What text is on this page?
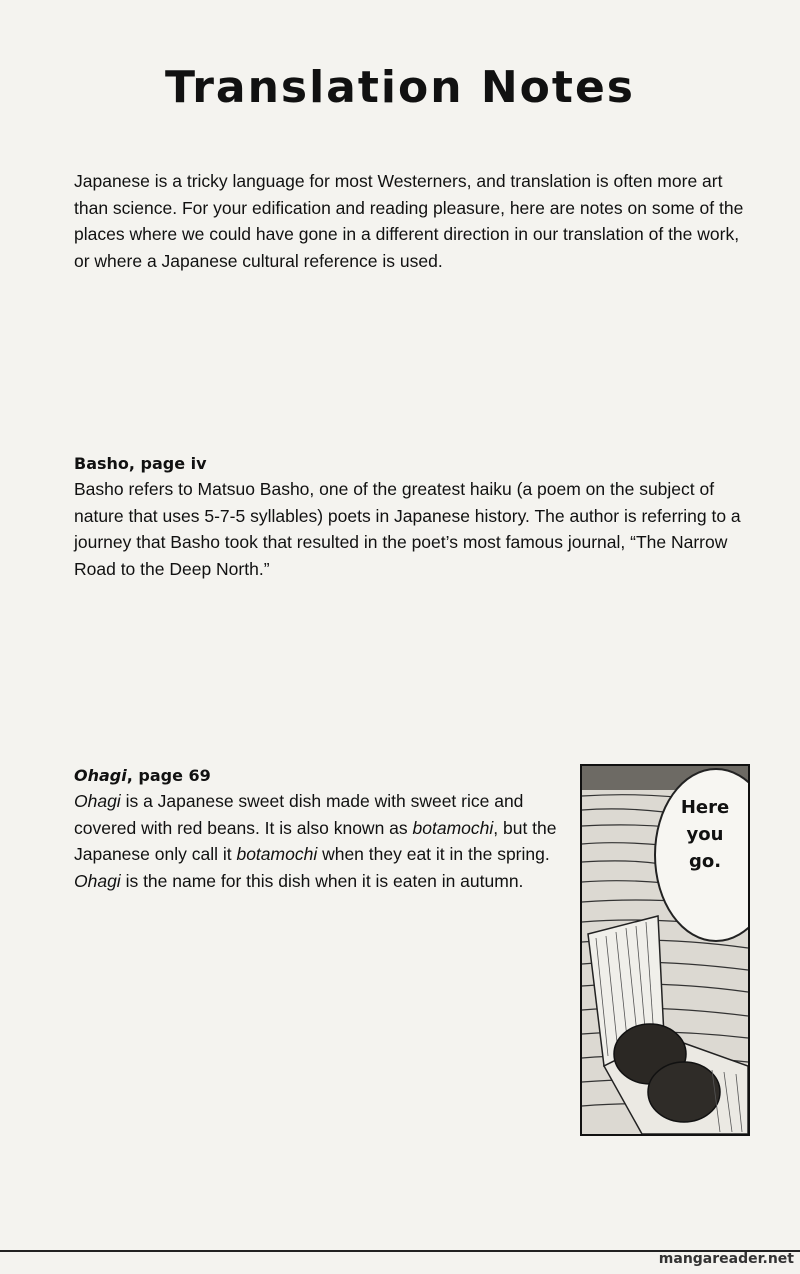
Translation Notes

Japanese is a tricky language for most Westerners, and translation is often more art than science. For your edification and reading pleasure, here are notes on some of the places where we could have gone in a different direction in our translation of the work, or where a Japanese cultural reference is used.

Basho, page iv
Basho refers to Matsuo Basho, one of the greatest haiku (a poem on the subject of nature that uses 5-7-5 syllables) poets in Japanese history. The author is referring to a journey that Basho took that resulted in the poet’s most famous journal, “The Narrow Road to the Deep North.”
Ohagi, page 69
Ohagi is a Japanese sweet dish made with sweet rice and covered with red beans. It is also known as botamochi, but the Japanese only call it botamochi when they eat it in the spring. Ohagi is the name for this dish when it is eaten in autumn.
Here
you
go.
mangareader.net
